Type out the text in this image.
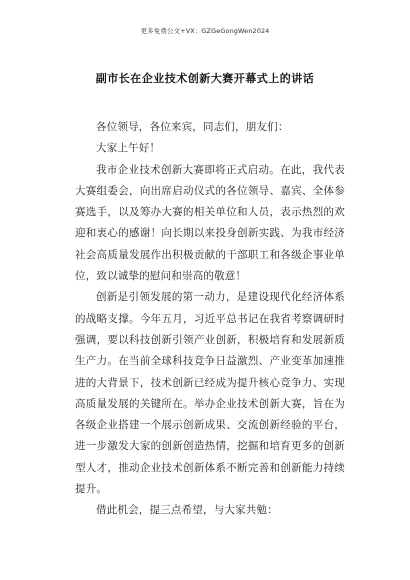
更多免费公文+VX：GZGeGongWen2024
副市长在企业技术创新大赛开幕式上的讲话

各位领导，各位来宾，同志们，朋友们：

大家上午好！

我市企业技术创新大赛即将正式启动。在此，我代表大赛组委会，向出席启动仪式的各位领导、嘉宾、全体参赛选手，以及筹办大赛的相关单位和人员，表示热烈的欢迎和衷心的感谢！向长期以来投身创新实践、为我市经济社会高质量发展作出积极贡献的干部职工和各级企事业单位，致以诚挚的慰问和崇高的敬意！

创新是引领发展的第一动力，是建设现代化经济体系的战略支撑。今年五月，习近平总书记在我省考察调研时强调，要以科技创新引领产业创新，积极培育和发展新质生产力。在当前全球科技竞争日益激烈、产业变革加速推进的大背景下，技术创新已经成为提升核心竞争力、实现高质量发展的关键所在。举办企业技术创新大赛，旨在为各级企业搭建一个展示创新成果、交流创新经验的平台，进一步激发大家的创新创造热情，挖掘和培育更多的创新型人才，推动企业技术创新体系不断完善和创新能力持续提升。

借此机会，提三点希望，与大家共勉：
